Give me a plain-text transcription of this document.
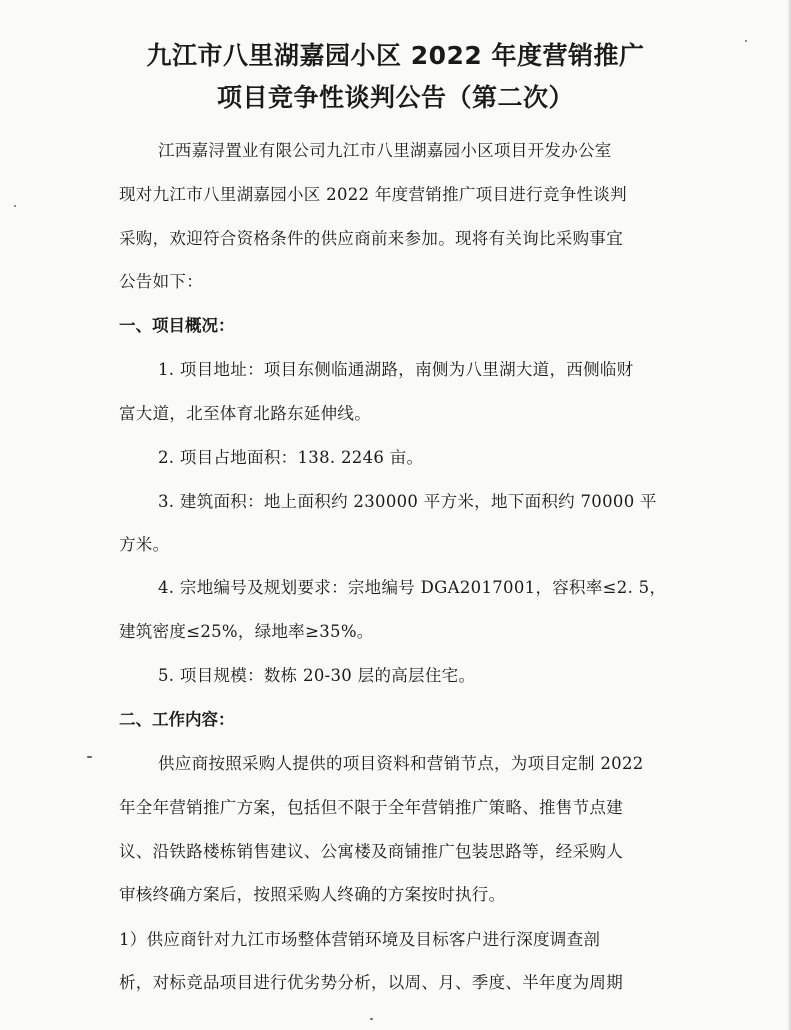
九江市八里湖嘉园小区 2022 年度营销推广
项目竞争性谈判公告（第二次）
江西嘉浔置业有限公司九江市八里湖嘉园小区项目开发办公室
现对九江市八里湖嘉园小区 2022 年度营销推广项目进行竞争性谈判
采购，欢迎符合资格条件的供应商前来参加。现将有关询比采购事宜
公告如下：
一、项目概况：
1. 项目地址：项目东侧临通湖路，南侧为八里湖大道，西侧临财
富大道，北至体育北路东延伸线。
2. 项目占地面积：138. 2246 亩。
3. 建筑面积：地上面积约 230000 平方米，地下面积约 70000 平
方米。
4. 宗地编号及规划要求：宗地编号 DGA2017001，容积率≤2. 5，
建筑密度≤25%，绿地率≥35%。
5. 项目规模：数栋 20-30 层的高层住宅。
二、工作内容：
供应商按照采购人提供的项目资料和营销节点，为项目定制 2022
年全年营销推广方案，包括但不限于全年营销推广策略、推售节点建
议、沿铁路楼栋销售建议、公寓楼及商铺推广包装思路等，经采购人
审核终确方案后，按照采购人终确的方案按时执行。
1）供应商针对九江市场整体营销环境及目标客户进行深度调查剖
析，对标竞品项目进行优劣势分析，以周、月、季度、半年度为周期
